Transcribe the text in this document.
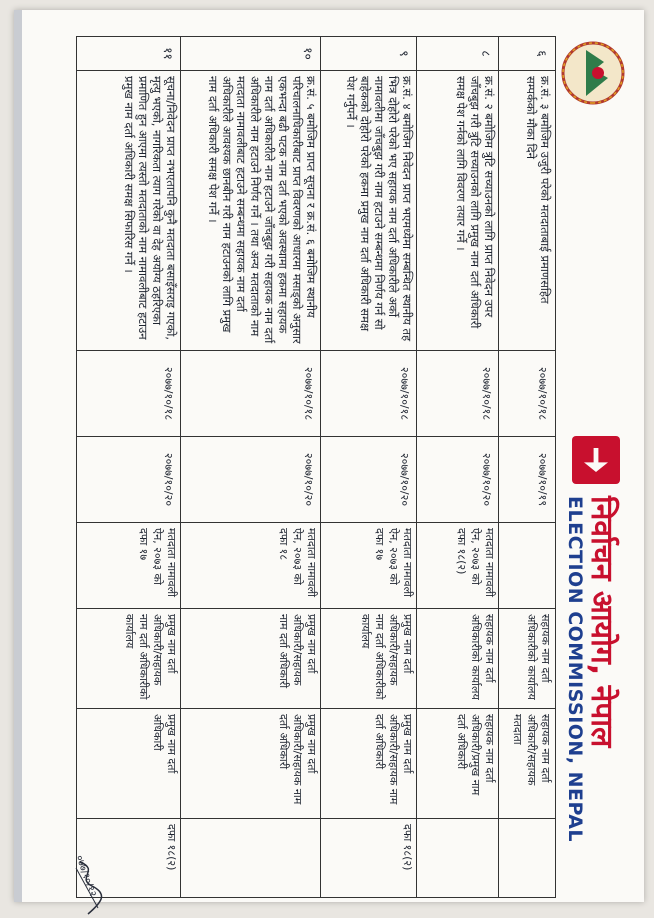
निर्वाचन आयोग, नेपाल
ELECTION COMMISSION, NEPAL
६
क्र.सं. ३ बमोजिम उजुरी परेको मतदाताबाई प्रमाणसहित सम्पर्कको मौका दिने
२०७७/१०/१८
२०७७/१०/१९
सहायक नाम दर्ता अधिकारीको कार्यालय
सहायक नाम दर्ता अधिकारी/सहायक मतदाता
८
क्र.सं. २ बमोजिम त्रुटि सच्याउनको लागि प्राप्त निवेदन उपर जाँचबुझ गरी त्रुटि सच्याउनको लागि प्रमुख नाम दर्ता अधिकारी समक्ष पेश गर्नको लागि विवरण तयार गर्ने ।
२०७७/१०/१८
२०७७/१०/२०
मतदाता नामावली ऐन, २०७३ को दफा १८(२)
सहायक नाम दर्ता अधिकारीको कार्यालय
सहायक नाम दर्ता अधिकारी/प्रमुख नाम दर्ता अधिकारी
९
क्र.सं. ४ बमोजिम निवेदन प्राप्त भएमध्येमा सम्बन्धित स्थानीय तह भित्र दोहोरो परेको भए सहायक नाम दर्ता अधिकारीले अर्को नामावलीमा जाँचबुझ गरी नाम हटाउने सम्बन्धमा निर्णय गर्न सो बाहेकको दोहोरो परेको हकमा प्रमुख नाम दर्ता अधिकारी समक्ष पेश गर्नुपर्ने ।
२०७७/१०/१८
२०७७/१०/२०
मतदाता नामावली ऐन, २०७३ को दफा १७
प्रमुख नाम दर्ता अधिकारी/सहायक नाम दर्ता अधिकारीको कार्यालय
प्रमुख नाम दर्ता अधिकारी/सहायक नाम दर्ता अधिकारी
दफा १८(२)
१०
क्र.सं. ५ बमोजिम प्राप्त सूचना र क्र.सं. ६ बमोजिम स्थानीय परिचालनाधिकारीबाट प्राप्त विवरणको आधारमा मसाड्को अनुसार एकभन्दा बढी पटक नाम दर्ता भएको अवस्थामा हकमा सहायक नाम दर्ता अधिकारीले नाम हटाउने जाँचबुझ गरी सहायक नाम दर्ता अधिकारीले नाम हटाउने निर्णय गर्ने । तथा अन्य मतदाताको नाम मतदाता नामावलीबाट हटाउने सम्बन्धमा सहायक नाम दर्ता अधिकारीले आवश्यक छानबीन गरी नाम हटाउनको लागि प्रमुख नाम दर्ता अधिकारी समक्ष पेश गर्ने ।
२०७७/१०/१८
२०७७/१०/२०
मतदाता नामावली ऐन, २०७३ को दफा १८
प्रमुख नाम दर्ता अधिकारी/सहायक नाम दर्ता अधिकारी
प्रमुख नाम दर्ता अधिकारी/सहायक नाम दर्ता अधिकारी
११
सूचना/निवेदन प्राप्त नभएतापनि कुनै मतदाता बसाइँसराइ गएको, मृत्यु भएको, नागरिकता त्याग गरेको वा देह अयोग्य ठहरिएका प्रमाणित हुन आएमा त्यस्तो मतदाताको नाम नामावलीबाट हटाउन प्रमुख नाम दर्ता अधिकारी समक्ष सिफारिस गर्ने ।
२०७७/१०/१८
२०७७/१०/२०
मतदाता नामावली ऐन, २०७३ को दफा १७
प्रमुख नाम दर्ता अधिकारी/सहायक नाम दर्ता अधिकारीको कार्यालय
प्रमुख नाम दर्ता अधिकारी
दफा १८(२)
०७७/१०/१२
